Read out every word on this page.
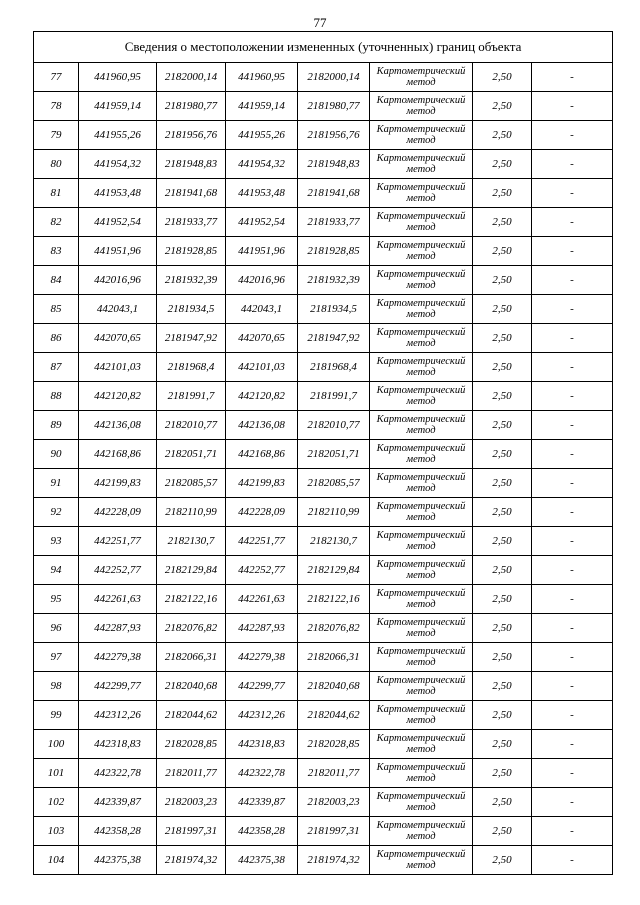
77
Сведения о местоположении измененных (уточненных) границ объекта							
77	441960,95	2182000,14	441960,95	2182000,14	Картометрический метод	2,50	-
78	441959,14	2181980,77	441959,14	2181980,77	Картометрический метод	2,50	-
79	441955,26	2181956,76	441955,26	2181956,76	Картометрический метод	2,50	-
80	441954,32	2181948,83	441954,32	2181948,83	Картометрический метод	2,50	-
81	441953,48	2181941,68	441953,48	2181941,68	Картометрический метод	2,50	-
82	441952,54	2181933,77	441952,54	2181933,77	Картометрический метод	2,50	-
83	441951,96	2181928,85	441951,96	2181928,85	Картометрический метод	2,50	-
84	442016,96	2181932,39	442016,96	2181932,39	Картометрический метод	2,50	-
85	442043,1	2181934,5	442043,1	2181934,5	Картометрический метод	2,50	-
86	442070,65	2181947,92	442070,65	2181947,92	Картометрический метод	2,50	-
87	442101,03	2181968,4	442101,03	2181968,4	Картометрический метод	2,50	-
88	442120,82	2181991,7	442120,82	2181991,7	Картометрический метод	2,50	-
89	442136,08	2182010,77	442136,08	2182010,77	Картометрический метод	2,50	-
90	442168,86	2182051,71	442168,86	2182051,71	Картометрический метод	2,50	-
91	442199,83	2182085,57	442199,83	2182085,57	Картометрический метод	2,50	-
92	442228,09	2182110,99	442228,09	2182110,99	Картометрический метод	2,50	-
93	442251,77	2182130,7	442251,77	2182130,7	Картометрический метод	2,50	-
94	442252,77	2182129,84	442252,77	2182129,84	Картометрический метод	2,50	-
95	442261,63	2182122,16	442261,63	2182122,16	Картометрический метод	2,50	-
96	442287,93	2182076,82	442287,93	2182076,82	Картометрический метод	2,50	-
97	442279,38	2182066,31	442279,38	2182066,31	Картометрический метод	2,50	-
98	442299,77	2182040,68	442299,77	2182040,68	Картометрический метод	2,50	-
99	442312,26	2182044,62	442312,26	2182044,62	Картометрический метод	2,50	-
100	442318,83	2182028,85	442318,83	2182028,85	Картометрический метод	2,50	-
101	442322,78	2182011,77	442322,78	2182011,77	Картометрический метод	2,50	-
102	442339,87	2182003,23	442339,87	2182003,23	Картометрический метод	2,50	-
103	442358,28	2181997,31	442358,28	2181997,31	Картометрический метод	2,50	-
104	442375,38	2181974,32	442375,38	2181974,32	Картометрический метод	2,50	-
